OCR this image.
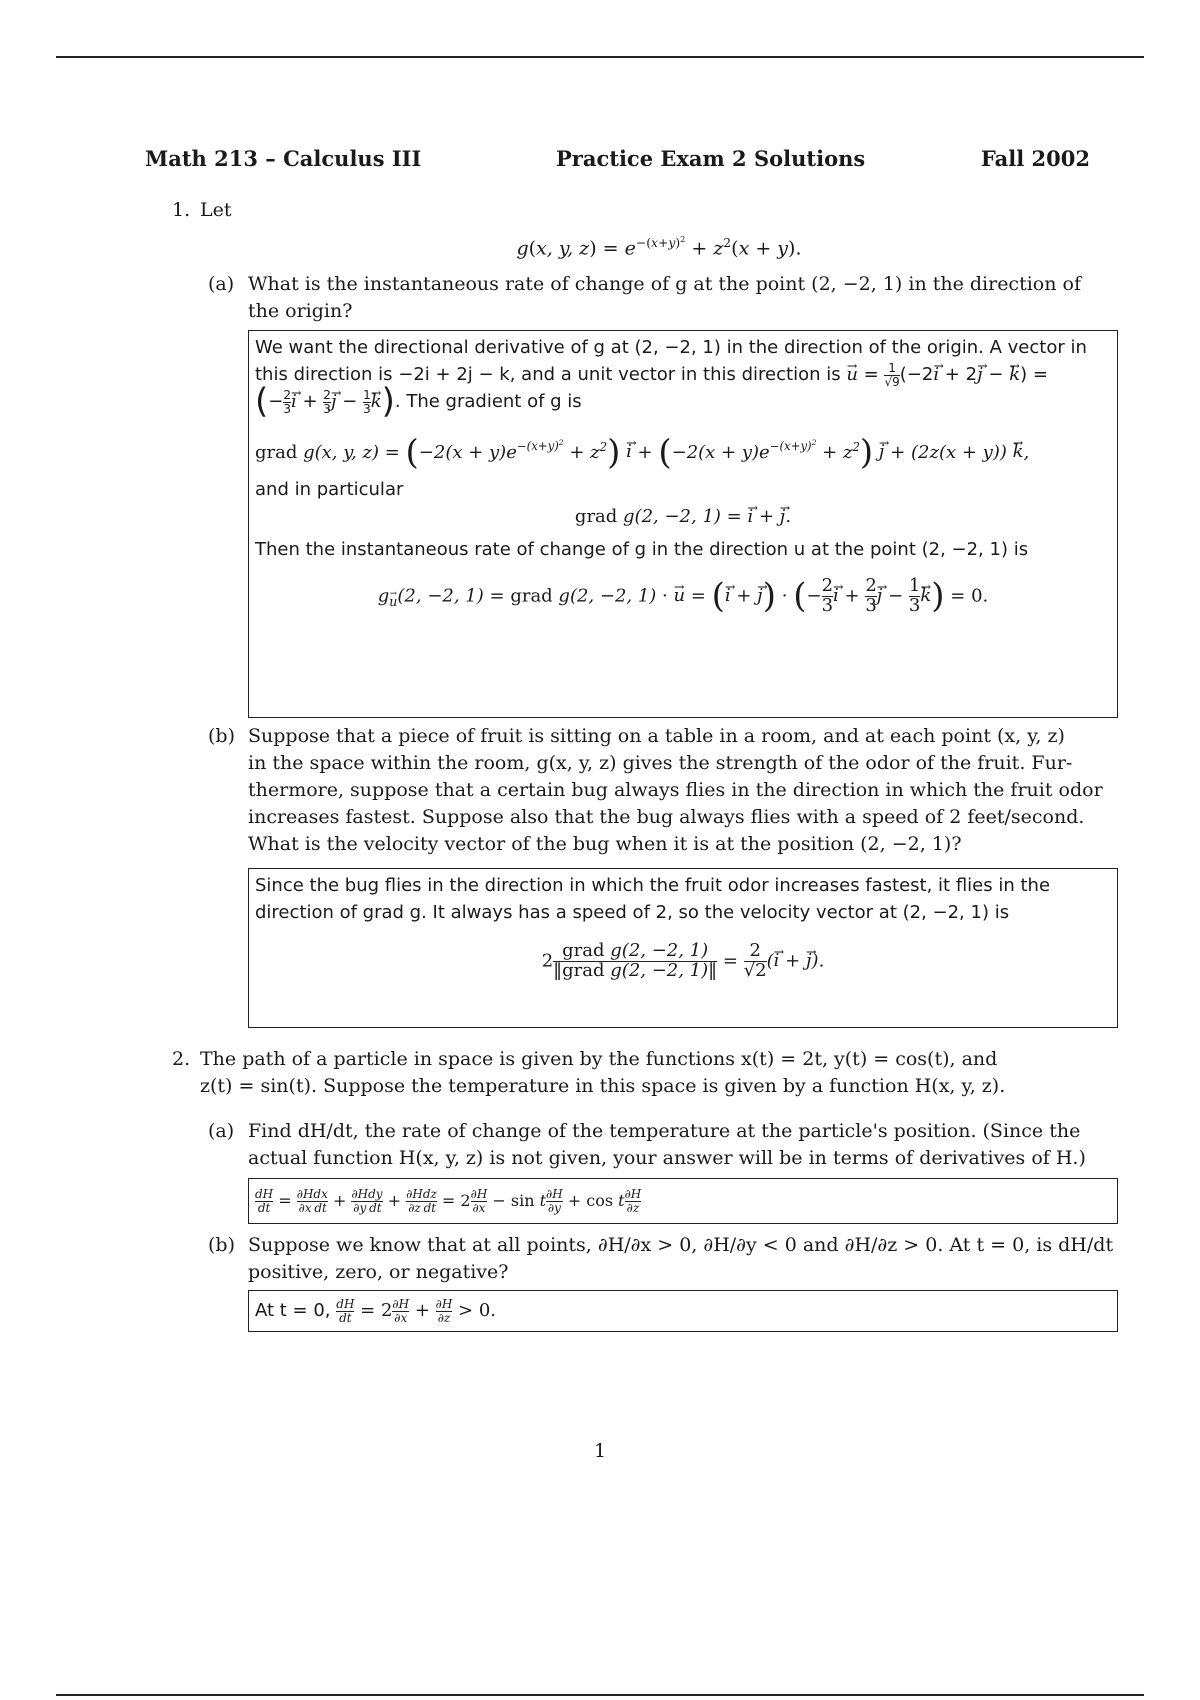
Math 213 – Calculus III	Practice Exam 2 Solutions	Fall 2002
1. Let
g(x, y, $z) = e^{-(x+y)^2} + z^2(x + y)$.
(a) What is the instantaneous rate of change of g at the point (2, −2, 1) in the direction of
the origin?
We want the directional derivative of g at (2, −2, 1) in the direction of the origin. A vector in
this direction is −2i + 2j − k, and a unit vector in this direction is → $u = \frac{1}{√9} (-2\to i + 2\to j$ − → k) =
(− $\frac{2}{3}$
→ $i + \frac{2}{3}$
→ $j - \frac{1}{3}$
→ k). The gradient of g is
grad g(x, y, $z) = (-2(x + y)e^{-(x+y)^2} + z^2) \to i + (-2(x + y)e^{-(x+y)^2} + z^2) \to j + (2z(x + y)) \to k$,
and in particular
grad g(2, −2, 1) = → i + → j.
Then the instantaneous rate of change of g in the direction u at the point (2, −2, 1) is
g→ $_u$(2, −2, 1) = grad g(2, −2, 1) · → u = (→ i + → j) · (− $\frac{2}{3}$
→ $i + \frac{2}{3}$
→ $j - \frac{1}{3}$
→ k) = 0.
(b) Suppose that a piece of fruit is sitting on a table in a room, and at each point (x, y, z)
in the space within the room, g(x, y, z) gives the strength of the odor of the fruit. Fur-
thermore, suppose that a certain bug always flies in the direction in which the fruit odor
increases fastest. Suppose also that the bug always flies with a speed of 2 feet/second.
What is the velocity vector of the bug when it is at the position (2, −2, 1)?
Since the bug flies in the direction in which the fruit odor increases fastest, it flies in the
direction of grad g. It always has a speed of 2, so the velocity vector at (2, −2, 1) is
$2 \frac{\text{grad g(2, −2, 1)}}{\text{‖grad g(2, −2, 1)‖}} = \frac{2}{√2}$ (→ i + → j).
2. The path of a particle in space is given by the functions x(t) = 2t, y(t) = cos(t), and
z(t) = sin(t). Suppose the temperature in this space is given by a function H(x, y, z).
(a) Find dH/dt, the rate of change of the temperature at the particle's position. (Since the
actual function H(x, y, z) is not given, your answer will be in terms of derivatives of H.)
$\frac{dH}{dt} = \frac{\partial H}{\partial x} \frac{dx}{dt} + \frac{\partial H}{\partial y} \frac{dy}{dt} + \frac{\partial H}{\partial z} \frac{dz}{dt} = 2 \frac{\partial H}{\partial x} - \sin t \frac{\partial H}{\partial y} + \cos t \frac{\partial H}{\partial z}$
(b) Suppose we know that at all points, ∂H/∂x > 0, ∂H/∂y < 0 and ∂H/∂z > 0. At t = 0, is dH/dt
positive, zero, or negative?
At t = 0, $\frac{dH}{dt} = 2 \frac{\partial H}{\partial x} + \frac{\partial H}{\partial z} > 0$.
1
